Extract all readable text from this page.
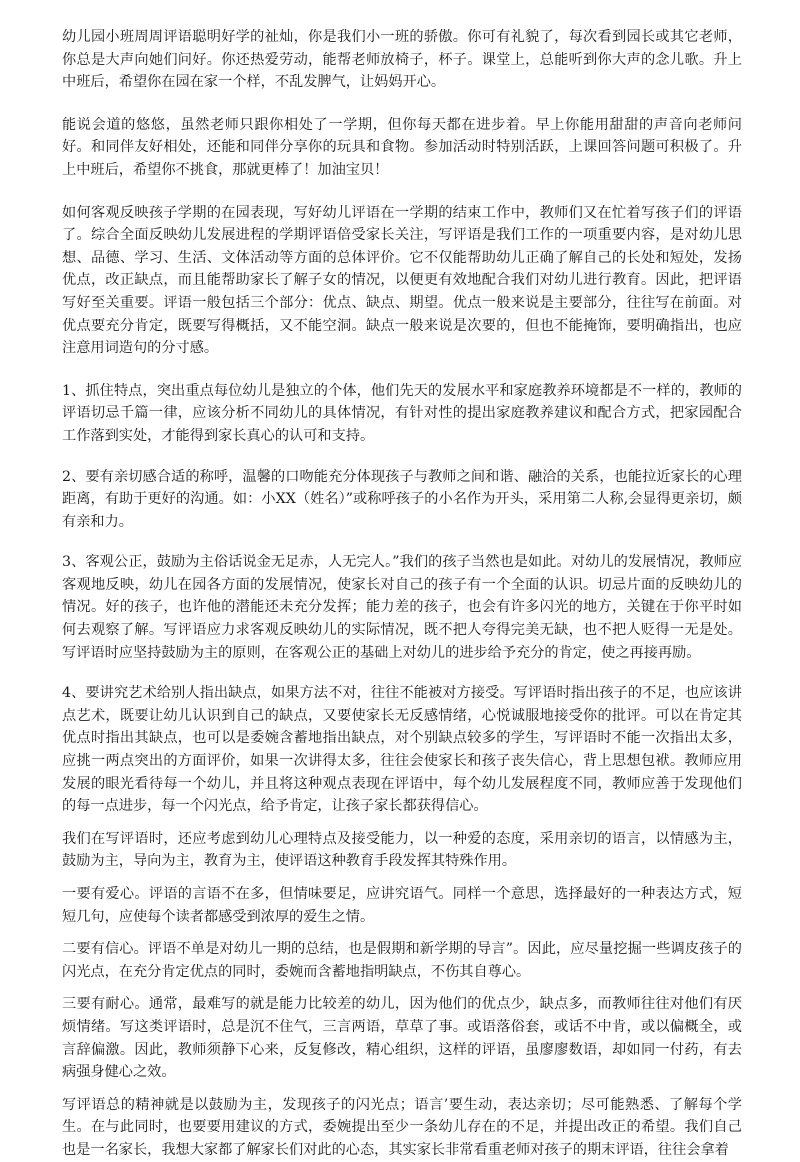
幼儿园小班周周评语聪明好学的祉灿，你是我们小一班的骄傲。你可有礼貌了，每次看到园长或其它老师，你总是大声向她们问好。你还热爱劳动，能帮老师放椅子，杯子。课堂上，总能听到你大声的念儿歌。升上中班后，希望你在园在家一个样，不乱发脾气，让妈妈开心。

能说会道的悠悠，虽然老师只跟你相处了一学期，但你每天都在进步着。早上你能用甜甜的声音向老师问好。和同伴友好相处，还能和同伴分享你的玩具和食物。参加活动时特别活跃，上课回答问题可积极了。升上中班后，希望你不挑食，那就更棒了！加油宝贝！

如何客观反映孩子学期的在园表现，写好幼儿评语在一学期的结束工作中，教师们又在忙着写孩子们的评语了。综合全面反映幼儿发展进程的学期评语倍受家长关注，写评语是我们工作的一项重要内容，是对幼儿思想、品德、学习、生活、文体活动等方面的总体评价。它不仅能帮助幼儿正确了解自己的长处和短处，发扬优点，改正缺点，而且能帮助家长了解子女的情况，以便更有效地配合我们对幼儿进行教育。因此，把评语写好至关重要。评语一般包括三个部分：优点、缺点、期望。优点一般来说是主要部分，往往写在前面。对优点要充分肯定，既要写得概括，又不能空洞。缺点一般来说是次要的，但也不能掩饰，要明确指出，也应注意用词造句的分寸感。

1、抓住特点，突出重点每位幼儿是独立的个体，他们先天的发展水平和家庭教养环境都是不一样的，教师的评语切忌千篇一律，应该分析不同幼儿的具体情况，有针对性的提出家庭教养建议和配合方式，把家园配合工作落到实处，才能得到家长真心的认可和支持。

2、要有亲切感合适的称呼，温馨的口吻能充分体现孩子与教师之间和谐、融洽的关系，也能拉近家长的心理距离，有助于更好的沟通。如：小XX（姓名）”或称呼孩子的小名作为开头，采用第二人称,会显得更亲切，颇有亲和力。

3、客观公正，鼓励为主俗话说金无足赤，人无完人。”我们的孩子当然也是如此。对幼儿的发展情况，教师应客观地反映，幼儿在园各方面的发展情况，使家长对自己的孩子有一个全面的认识。切忌片面的反映幼儿的情况。好的孩子，也许他的潜能还未充分发挥；能力差的孩子，也会有许多闪光的地方，关键在于你平时如何去观察了解。写评语应力求客观反映幼儿的实际情况，既不把人夸得完美无缺，也不把人贬得一无是处。写评语时应坚持鼓励为主的原则，在客观公正的基础上对幼儿的进步给予充分的肯定，使之再接再励。

4、要讲究艺术给别人指出缺点，如果方法不对，往往不能被对方接受。写评语时指出孩子的不足，也应该讲点艺术，既要让幼儿认识到自己的缺点，又要使家长无反感情绪，心悦诚服地接受你的批评。可以在肯定其优点时指出其缺点，也可以是委婉含蓄地指出缺点，对个别缺点较多的学生，写评语时不能一次指出太多，应挑一两点突出的方面评价，如果一次讲得太多，往往会使家长和孩子丧失信心，背上思想包袱。教师应用发展的眼光看待每一个幼儿，并且将这种观点表现在评语中，每个幼儿发展程度不同，教师应善于发现他们的每一点进步，每一个闪光点，给予肯定，让孩子家长都获得信心。

我们在写评语时，还应考虑到幼儿心理特点及接受能力，以一种爱的态度，采用亲切的语言，以情感为主，鼓励为主，导向为主，教育为主，使评语这种教育手段发挥其特殊作用。

一要有爱心。评语的言语不在多，但情味要足，应讲究语气。同样一个意思，选择最好的一种表达方式，短短几句，应使每个读者都感受到浓厚的爱生之情。

二要有信心。评语不单是对幼儿一期的总结，也是假期和新学期的导言”。因此，应尽量挖掘一些调皮孩子的闪光点，在充分肯定优点的同时，委婉而含蓄地指明缺点，不伤其自尊心。

三要有耐心。通常，最难写的就是能力比较差的幼儿，因为他们的优点少，缺点多，而教师往往对他们有厌烦情绪。写这类评语时，总是沉不住气，三言两语，草草了事。或语落俗套，或话不中肯，或以偏概全，或言辞偏激。因此，教师须静下心来，反复修改，精心组织，这样的评语，虽廖廖数语，却如同一付药，有去病强身健心之效。

写评语总的精神就是以鼓励为主，发现孩子的闪光点；语言’要生动，表达亲切；尽可能熟悉、了解每个学生。在与此同时，也要要用建议的方式，委婉提出至少一条幼儿存在的不足，并提出改正的希望。我们自己也是一名家长，我想大家都了解家长们对此的心态，其实家长非常看重老师对孩子的期末评语，往往会拿着
